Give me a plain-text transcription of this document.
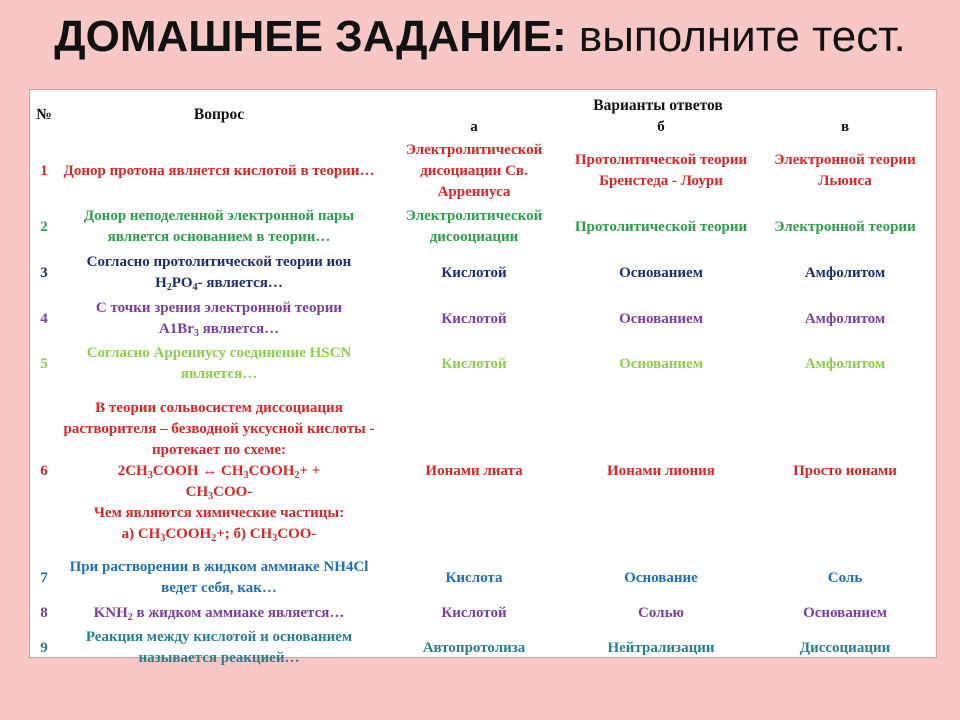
ДОМАШНЕЕ ЗАДАНИЕ: выполните тест.
№	Вопрос	Варианты ответов		
		а	б	в
1	Донор протона является кислотой в теории…	Электролитической дисоциации Св. Аррениуса	Протолитической теории Бренстеда - Лоури	Электронной теории Льюиса
2	Донор неподеленной электронной пары является основанием в теории…	Электролитической дисооциации	Протолитической теории	Электронной теории
3	Согласно протолитической теории ион
$H_2PO_4-$ является…	Кислотой	Основанием	Амфолитом
4	С точки зрения электронной теории
$A1Br_3$ является…	Кислотой	Основанием	Амфолитом
5	Согласно Аррениусу соединение HSCN является…	Кислотой	Основанием	Амфолитом
6	В теории сольвосистем диссоциация растворителя – безводной уксусной кислоты - протекает по схеме:
$2CH_3COOH$ ↔ $CH_3COOH_2+$ +
$CH_3COO-$
Чем являются химические частицы:
а) $CH_3COOH_2+$; б) $CH_3COO-$	Ионами лиата	Ионами лиония	Просто ионами
7	При растворении в жидком аммиаке NH4Cl ведет себя, как…	Кислота	Основание	Соль
8	$KNH_2$ в жидком аммиаке является…	Кислотой	Солью	Основанием
9	Реакция между кислотой и основанием называется реакцией…	Автопротолиза	Нейтрализации	Диссоциации
